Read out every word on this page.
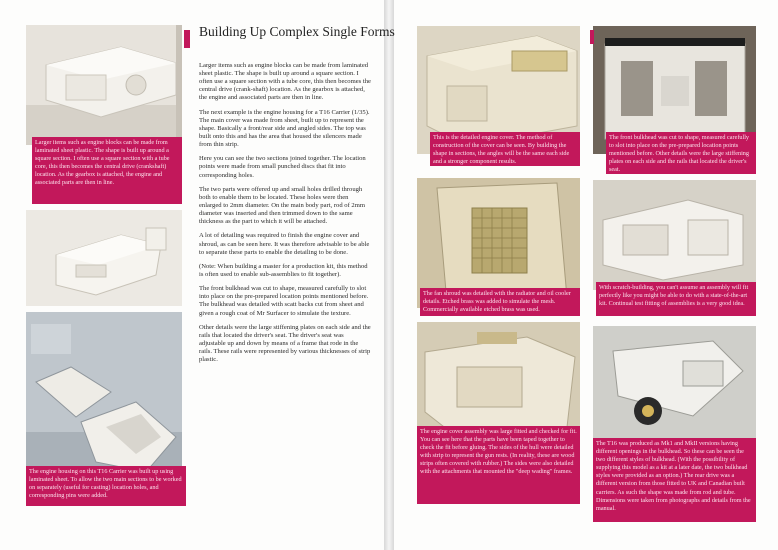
Larger items such as engine blocks can be made from laminated sheet plastic. The shape is built up around a square section. I often use a square section with a tube core, this then becomes the central drive (crankshaft) location. As the gearbox is attached, the engine and associated parts are then in line.
The engine housing on this T16 Carrier was built up using laminated sheet. To allow the two main sections to be worked on separately (useful for casting) location holes, and corresponding pins were added.
Building Up Complex Single Forms

Larger items such as engine blocks can be made from laminated sheet plastic. The shape is built up around a square section. I often use a square section with a tube core, this then becomes the central drive (crank-shaft) location. As the gearbox is attached, the engine and associated parts are then in line.

The next example is the engine housing for a T16 Carrier (1/35). The main cover was made from sheet, built up to represent the shape. Basically a front/rear side and angled sides. The top was built onto this and has the area that housed the silencers made from thin strip.

Here you can see the two sections joined together. The location points were made from small punched discs that fit into corresponding holes.

The two parts were offered up and small holes drilled through both to enable them to be located. These holes were then enlarged to 2mm diameter. On the main body part, rod of 2mm diameter was inserted and then trimmed down to the same thickness as the part to which it will be attached.

A lot of detailing was required to finish the engine cover and shroud, as can be seen here. It was therefore advisable to be able to separate these parts to enable the detailing to be done.

(Note: When building a master for a production kit, this method is often used to enable sub-assemblies to fit together).

The front bulkhead was cut to shape, measured carefully to slot into place on the pre-prepared location points mentioned before. The bulkhead was detailed with scatt backs cut from sheet and given a rough coat of Mr Surfacer to simulate the texture.

Other details were the large stiffening plates on each side and the rails that located the driver's seat. The driver's seat was adjustable up and down by means of a frame that rode in the rails. These rails were represented by various thicknesses of strip plastic.

This is the detailed engine cover. The method of construction of the cover can be seen. By building the shape in sections, the angles will be the same each side and a stronger component results.
The front bulkhead was cut to shape, measured carefully to slot into place on the pre-prepared location points mentioned before. Other details were the large stiffening plates on each side and the rails that located the driver's seat.
The fan shroud was detailed with the radiator and oil cooler details. Etched brass was added to simulate the mesh. Commercially available etched brass was used.
With scratch-building, you can't assume an assembly will fit perfectly like you might be able to do with a state-of-the-art kit. Continual test fitting of assemblies is a very good idea.
The engine cover assembly was large fitted and checked for fit. You can see here that the parts have been taped together to check the fit before gluing. The sides of the hull were detailed with strip to represent the gun rests. (In reality, these are wood strips often covered with rubber.) The sides were also detailed with the attachments that mounted the "deep wading" frames.
The T16 was produced as Mk1 and MkII versions having different openings in the bulkhead. So these can be seen the two different styles of bulkhead. (With the possibility of supplying this model as a kit at a later date, the two bulkhead styles were provided as an option.) The rear drive was a different version from those fitted to UK and Canadian built carriers. As such the shape was made from rod and tube. Dimensions were taken from photographs and details from the manual.
